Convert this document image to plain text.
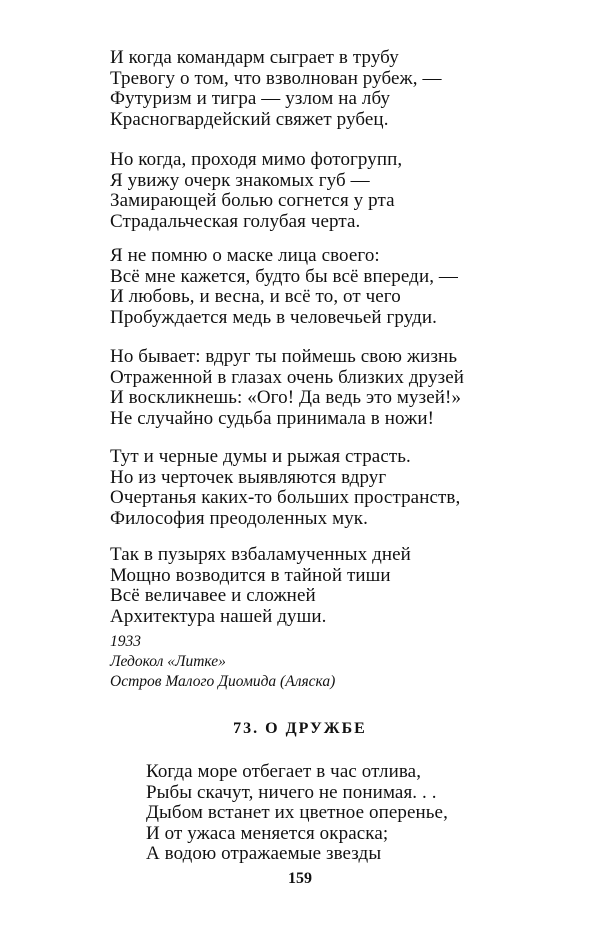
И когда командарм сыграет в трубу
Тревогу о том, что взволнован рубеж, —
Футуризм и тигра — узлом на лбу
Красногвардейский свяжет рубец.
Но когда, проходя мимо фотогрупп,
Я увижу очерк знакомых губ —
Замирающей болью согнется у рта
Страдальческая голубая черта.
Я не помню о маске лица своего:
Всё мне кажется, будто бы всё впереди, —
И любовь, и весна, и всё то, от чего
Пробуждается медь в человечьей груди.
Но бывает: вдруг ты поймешь свою жизнь
Отраженной в глазах очень близких друзей
И воскликнешь: «Ого! Да ведь это музей!»
Не случайно судьба принимала в ножи!
Тут и черные думы и рыжая страсть.
Но из черточек выявляются вдруг
Очертанья каких-то больших пространств,
Философия преодоленных мук.
Так в пузырях взбаламученных дней
Мощно возводится в тайной тиши
Всё величавее и сложней
Архитектура нашей души.
1933
Ледокол «Литке»
Остров Малого Диомида (Аляска)
73. О ДРУЖБЕ
Когда море отбегает в час отлива,
Рыбы скачут, ничего не понимая. . .
Дыбом встанет их цветное оперенье,
И от ужаса меняется окраска;
А водою отражаемые звезды
159
